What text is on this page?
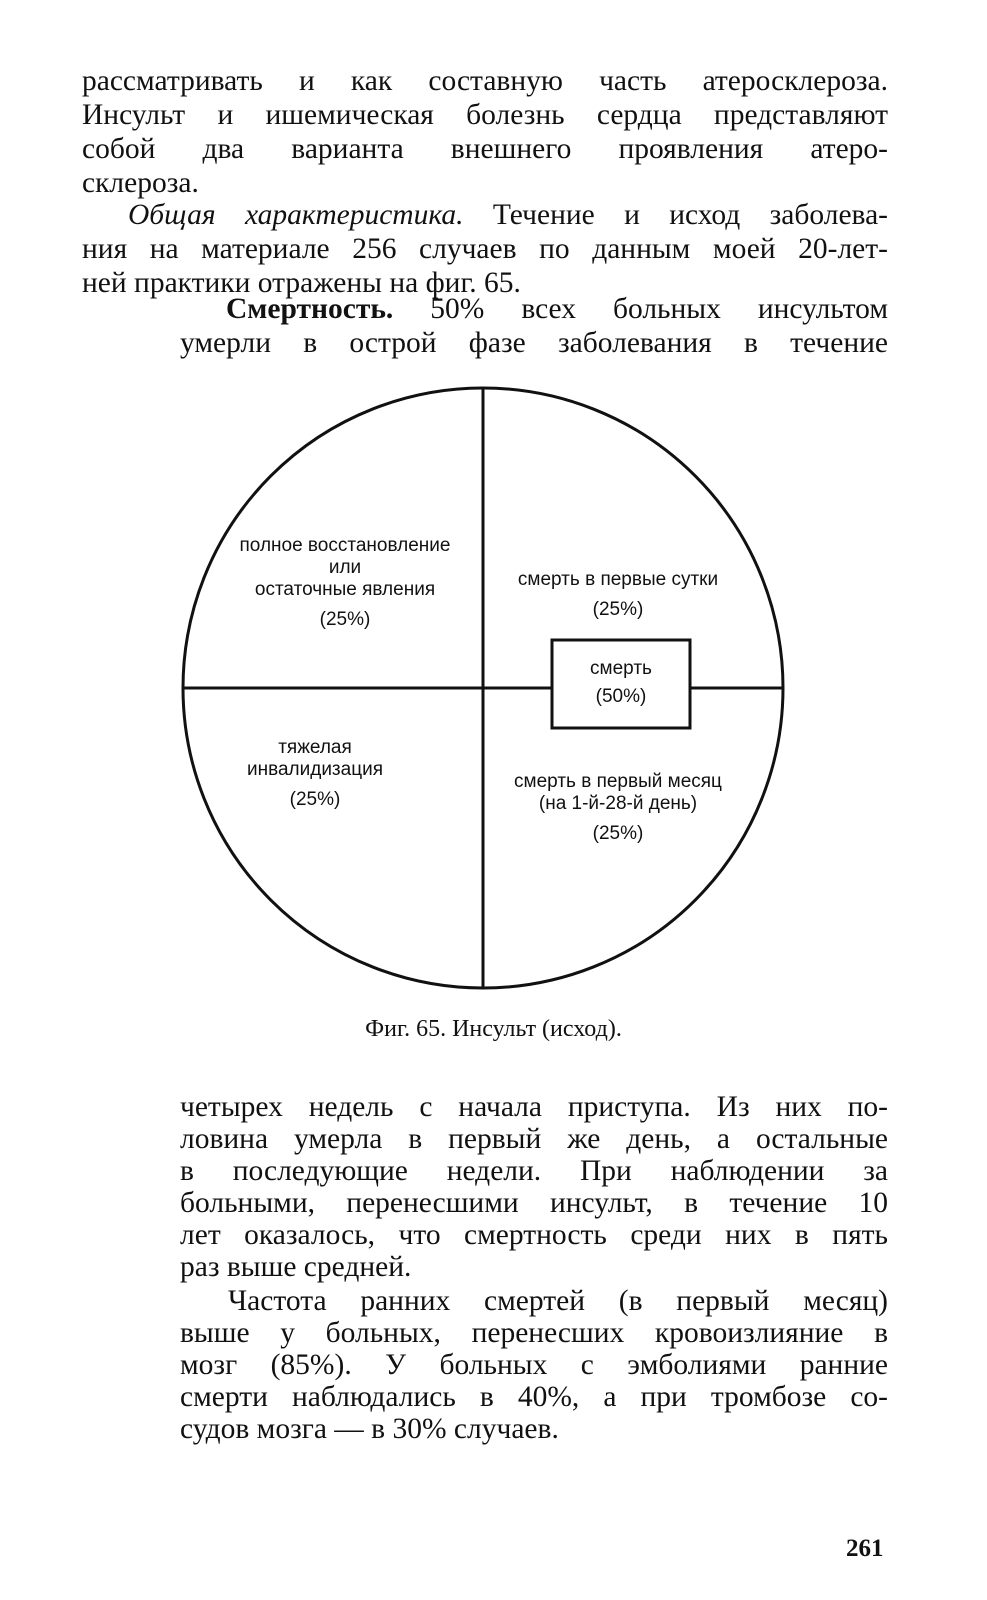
рассматривать и как составную часть атеросклероза.
Инсульт и ишемическая болезнь сердца представляют
собой два варианта внешнего проявления атеро-
склероза.
Общая характеристика. Течение и исход заболева-
ния на материале 256 случаев по данным моей 20-лет-
ней практики отражены на фиг. 65.
Смертность. 50% всех больных инсультом
умерли в острой фазе заболевания в течение
полное восстановление
или
остаточные явления
(25%)
смерть в первые сутки
(25%)
смерть
(50%)
тяжелая
инвалидизация
(25%)
смерть в первый месяц
(на 1-й-28-й день)
(25%)
Фиг. 65. Инсульт (исход).
четырех недель с начала приступа. Из них по-
ловина умерла в первый же день, а остальные
в последующие недели. При наблюдении за
больными, перенесшими инсульт, в течение 10
лет оказалось, что смертность среди них в пять
раз выше средней.
Частота ранних смертей (в первый месяц)
выше у больных, перенесших кровоизлияние в
мозг (85%). У больных с эмболиями ранние
смерти наблюдались в 40%, а при тромбозе со-
судов мозга — в 30% случаев.
261
